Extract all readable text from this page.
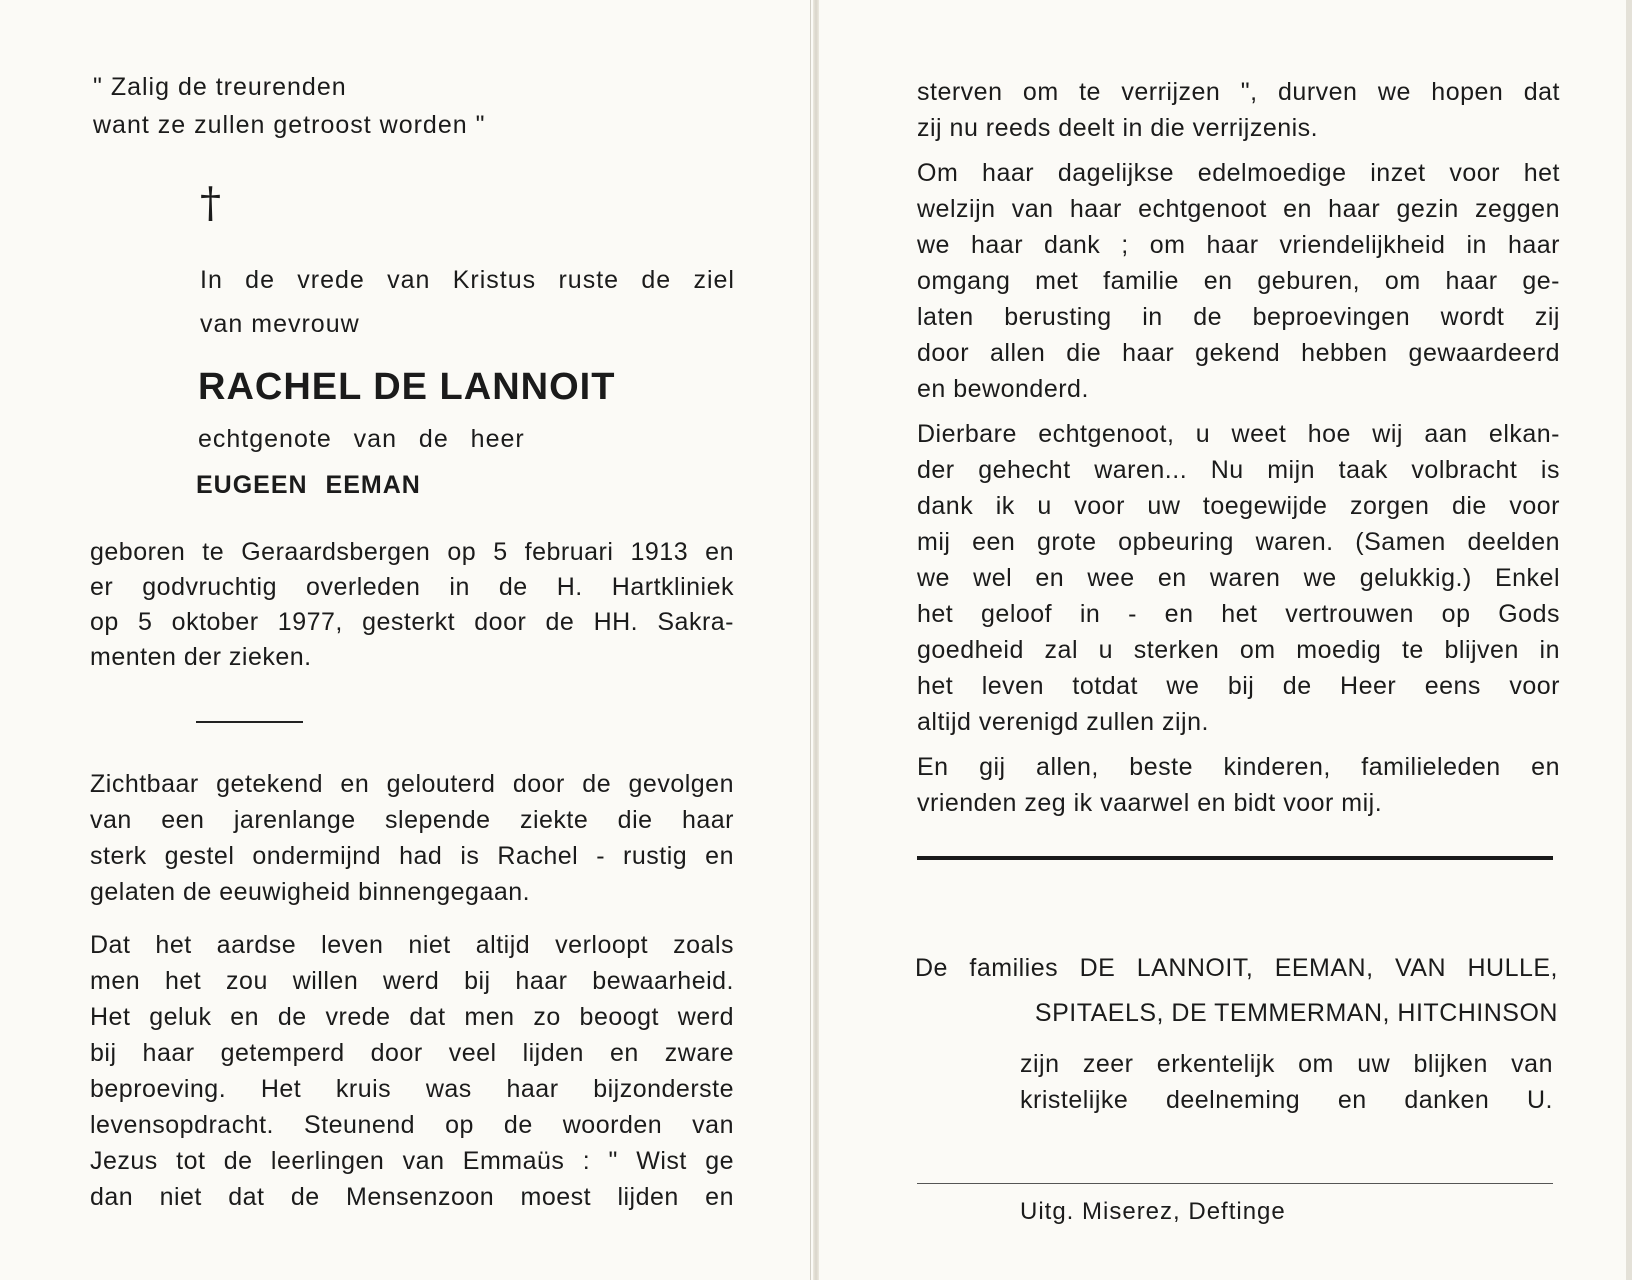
" Zalig de treurenden
want ze zullen getroost worden "
†
In de vrede van Kristus ruste de ziel
van mevrouw
RACHEL DE LANNOIT
echtgenote van de heer
EUGEEN EEMAN
geboren te Geraardsbergen op 5 februari 1913 en
er godvruchtig overleden in de H. Hartkliniek
op 5 oktober 1977, gesterkt door de HH. Sakra-
menten der zieken.
Zichtbaar getekend en gelouterd door de gevolgen
van een jarenlange slepende ziekte die haar
sterk gestel ondermijnd had is Rachel - rustig en
gelaten de eeuwigheid binnengegaan.
Dat het aardse leven niet altijd verloopt zoals
men het zou willen werd bij haar bewaarheid.
Het geluk en de vrede dat men zo beoogt werd
bij haar getemperd door veel lijden en zware
beproeving. Het kruis was haar bijzonderste
levensopdracht. Steunend op de woorden van
Jezus tot de leerlingen van Emmaüs : " Wist ge
dan niet dat de Mensenzoon moest lijden en
sterven om te verrijzen ", durven we hopen dat
zij nu reeds deelt in die verrijzenis.
Om haar dagelijkse edelmoedige inzet voor het
welzijn van haar echtgenoot en haar gezin zeggen
we haar dank ; om haar vriendelijkheid in haar
omgang met familie en geburen, om haar ge-
laten berusting in de beproevingen wordt zij
door allen die haar gekend hebben gewaardeerd
en bewonderd.
Dierbare echtgenoot, u weet hoe wij aan elkan-
der gehecht waren... Nu mijn taak volbracht is
dank ik u voor uw toegewijde zorgen die voor
mij een grote opbeuring waren. (Samen deelden
we wel en wee en waren we gelukkig.) Enkel
het geloof in - en het vertrouwen op Gods
goedheid zal u sterken om moedig te blijven in
het leven totdat we bij de Heer eens voor
altijd verenigd zullen zijn.
En gij allen, beste kinderen, familieleden en
vrienden zeg ik vaarwel en bidt voor mij.
De families DE LANNOIT, EEMAN, VAN HULLE,
SPITAELS, DE TEMMERMAN, HITCHINSON
zijn zeer erkentelijk om uw blijken van
kristelijke deelneming en danken U.
Uitg. Miserez, Deftinge
